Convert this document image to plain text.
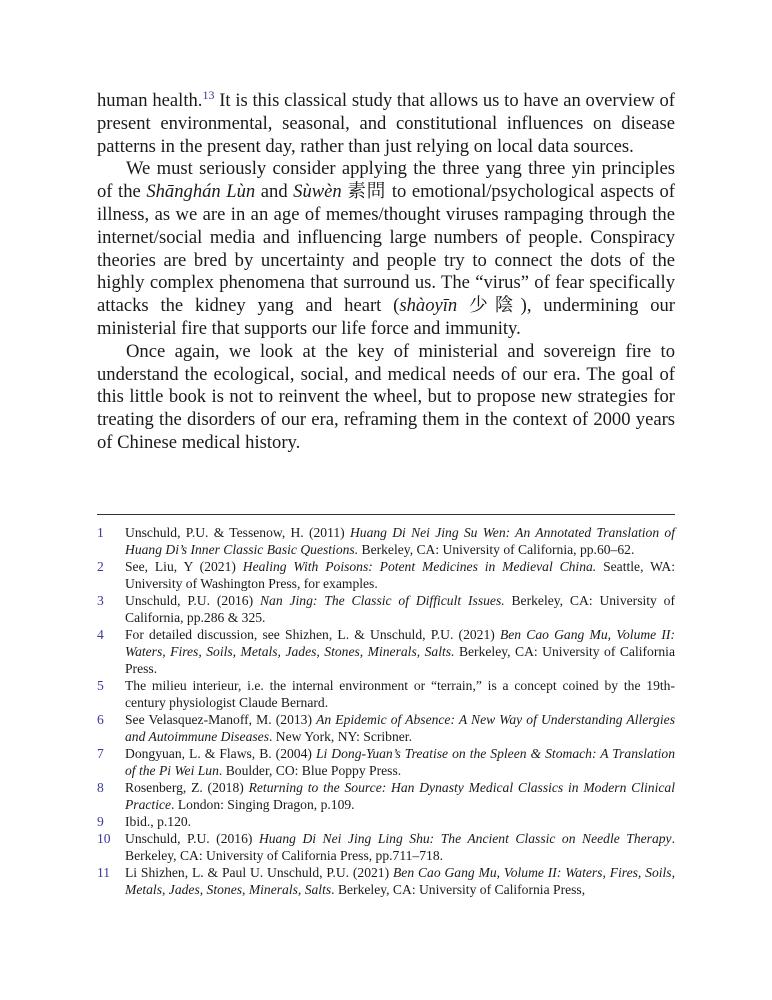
human health.$^{13}$ It is this classical study that allows us to have an overview of present environmental, seasonal, and constitutional influences on disease patterns in the present day, rather than just relying on local data sources.

We must seriously consider applying the three yang three yin principles of the Shānghán Lùn and Sùwèn 素問 to emotional/psychological aspects of illness, as we are in an age of memes/thought viruses rampaging through the internet/social media and influencing large numbers of people. Conspiracy theories are bred by uncertainty and people try to connect the dots of the highly complex phenomena that surround us. The “virus” of fear specifically attacks the kidney yang and heart (shàoyīn 少陰), undermining our ministerial fire that supports our life force and immunity.

Once again, we look at the key of ministerial and sovereign fire to understand the ecological, social, and medical needs of our era. The goal of this little book is not to reinvent the wheel, but to propose new strategies for treating the disorders of our era, reframing them in the context of 2000 years of Chinese medical history.

1	Unschuld, P.U. & Tessenow, H. (2011) Huang Di Nei Jing Su Wen: An Annotated Translation of Huang Di’s Inner Classic Basic Questions. Berkeley, CA: University of California, pp.60–62.
2	See, Liu, Y (2021) Healing With Poisons: Potent Medicines in Medieval China. Seattle, WA: University of Washington Press, for examples.
3	Unschuld, P.U. (2016) Nan Jing: The Classic of Difficult Issues. Berkeley, CA: University of California, pp.286 & 325.
4	For detailed discussion, see Shizhen, L. & Unschuld, P.U. (2021) Ben Cao Gang Mu, Volume II: Waters, Fires, Soils, Metals, Jades, Stones, Minerals, Salts. Berkeley, CA: University of California Press.
5	The milieu interieur, i.e. the internal environment or “terrain,” is a concept coined by the 19th-century physiologist Claude Bernard.
6	See Velasquez-Manoff, M. (2013) An Epidemic of Absence: A New Way of Understanding Allergies and Autoimmune Diseases. New York, NY: Scribner.
7	Dongyuan, L. & Flaws, B. (2004) Li Dong-Yuan’s Treatise on the Spleen & Stomach: A Translation of the Pi Wei Lun. Boulder, CO: Blue Poppy Press.
8	Rosenberg, Z. (2018) Returning to the Source: Han Dynasty Medical Classics in Modern Clinical Practice. London: Singing Dragon, p.109.
9	Ibid., p.120.
10	Unschuld, P.U. (2016) Huang Di Nei Jing Ling Shu: The Ancient Classic on Needle Therapy. Berkeley, CA: University of California Press, pp.711–718.
11	Li Shizhen, L. & Paul U. Unschuld, P.U. (2021) Ben Cao Gang Mu, Volume II: Waters, Fires, Soils, Metals, Jades, Stones, Minerals, Salts. Berkeley, CA: University of California Press,
